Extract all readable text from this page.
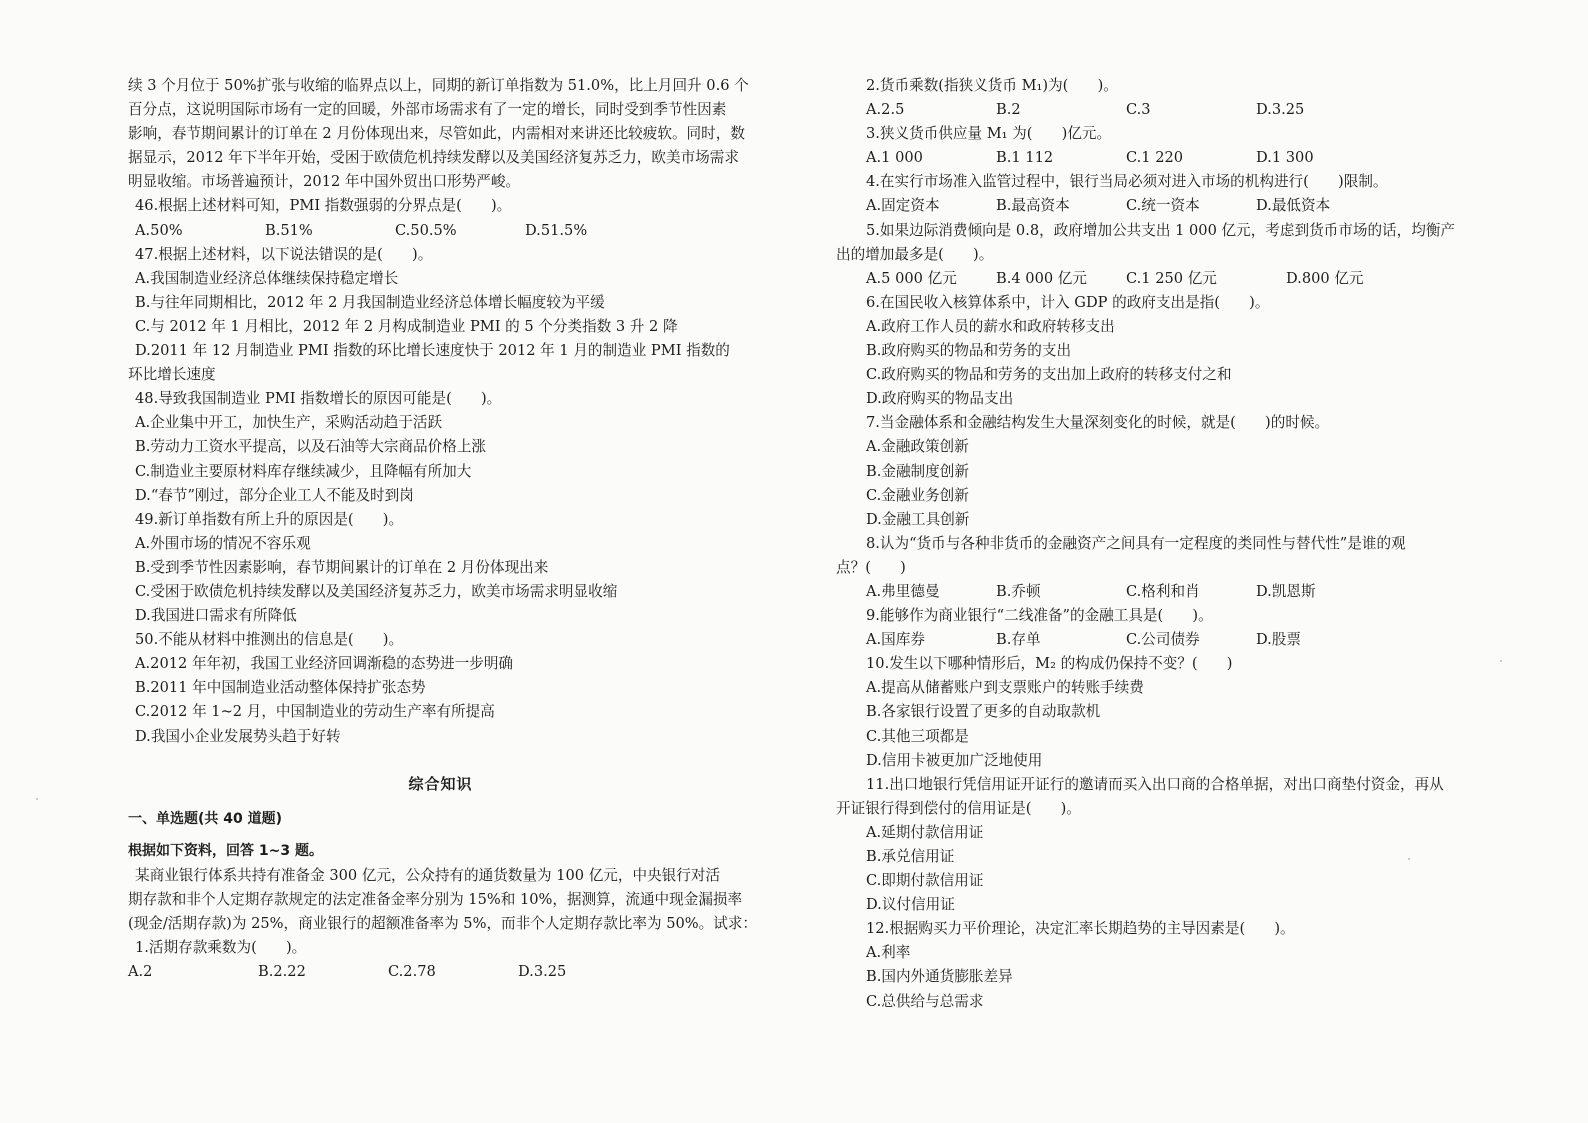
续 3 个月位于 50%扩张与收缩的临界点以上，同期的新订单指数为 51.0%，比上月回升 0.6 个
百分点，这说明国际市场有一定的回暖，外部市场需求有了一定的增长，同时受到季节性因素
影响，春节期间累计的订单在 2 月份体现出来，尽管如此，内需相对来讲还比较疲软。同时，数
据显示，2012 年下半年开始，受困于欧债危机持续发酵以及美国经济复苏乏力，欧美市场需求
明显收缩。市场普遍预计，2012 年中国外贸出口形势严峻。
46.根据上述材料可知，PMI 指数强弱的分界点是(　　)。
A.50%	B.51%	C.50.5%	D.51.5%
47.根据上述材料，以下说法错误的是(　　)。
A.我国制造业经济总体继续保持稳定增长
B.与往年同期相比，2012 年 2 月我国制造业经济总体增长幅度较为平缓
C.与 2012 年 1 月相比，2012 年 2 月构成制造业 PMI 的 5 个分类指数 3 升 2 降
D.2011 年 12 月制造业 PMI 指数的环比增长速度快于 2012 年 1 月的制造业 PMI 指数的
环比增长速度
48.导致我国制造业 PMI 指数增长的原因可能是(　　)。
A.企业集中开工，加快生产，采购活动趋于活跃
B.劳动力工资水平提高，以及石油等大宗商品价格上涨
C.制造业主要原材料库存继续减少，且降幅有所加大
D.“春节”刚过，部分企业工人不能及时到岗
49.新订单指数有所上升的原因是(　　)。
A.外围市场的情况不容乐观
B.受到季节性因素影响，春节期间累计的订单在 2 月份体现出来
C.受困于欧债危机持续发酵以及美国经济复苏乏力，欧美市场需求明显收缩
D.我国进口需求有所降低
50.不能从材料中推测出的信息是(　　)。
A.2012 年年初，我国工业经济回调渐稳的态势进一步明确
B.2011 年中国制造业活动整体保持扩张态势
C.2012 年 1~2 月，中国制造业的劳动生产率有所提高
D.我国小企业发展势头趋于好转
综合知识
一、单选题(共 40 道题)
根据如下资料，回答 1~3 题。
某商业银行体系共持有准备金 300 亿元，公众持有的通货数量为 100 亿元，中央银行对活
期存款和非个人定期存款规定的法定准备金率分别为 15%和 10%，据测算，流通中现金漏损率
(现金/活期存款)为 25%，商业银行的超额准备率为 5%，而非个人定期存款比率为 50%。试求：
1.活期存款乘数为(　　)。
A.2	B.2.22	C.2.78	D.3.25
2.货币乘数(指狭义货币 M₁)为(　　)。
A.2.5	B.2	C.3	D.3.25
3.狭义货币供应量 M₁ 为(　　)亿元。
A.1 000	B.1 112	C.1 220	D.1 300
4.在实行市场准入监管过程中，银行当局必须对进入市场的机构进行(　　)限制。
A.固定资本	B.最高资本	C.统一资本	D.最低资本
5.如果边际消费倾向是 0.8，政府增加公共支出 1 000 亿元，考虑到货币市场的话，均衡产
出的增加最多是(　　)。
A.5 000 亿元	B.4 000 亿元	C.1 250 亿元	D.800 亿元
6.在国民收入核算体系中，计入 GDP 的政府支出是指(　　)。
A.政府工作人员的薪水和政府转移支出
B.政府购买的物品和劳务的支出
C.政府购买的物品和劳务的支出加上政府的转移支付之和
D.政府购买的物品支出
7.当金融体系和金融结构发生大量深刻变化的时候，就是(　　)的时候。
A.金融政策创新
B.金融制度创新
C.金融业务创新
D.金融工具创新
8.认为“货币与各种非货币的金融资产之间具有一定程度的类同性与替代性”是谁的观
点？(　　)
A.弗里德曼	B.乔顿	C.格利和肖	D.凯恩斯
9.能够作为商业银行“二线准备”的金融工具是(　　)。
A.国库券	B.存单	C.公司债券	D.股票
10.发生以下哪种情形后，M₂ 的构成仍保持不变？(　　)
A.提高从储蓄账户到支票账户的转账手续费
B.各家银行设置了更多的自动取款机
C.其他三项都是
D.信用卡被更加广泛地使用
11.出口地银行凭信用证开证行的邀请而买入出口商的合格单据，对出口商垫付资金，再从
开证银行得到偿付的信用证是(　　)。
A.延期付款信用证
B.承兑信用证
C.即期付款信用证
D.议付信用证
12.根据购买力平价理论，决定汇率长期趋势的主导因素是(　　)。
A.利率
B.国内外通货膨胀差异
C.总供给与总需求
